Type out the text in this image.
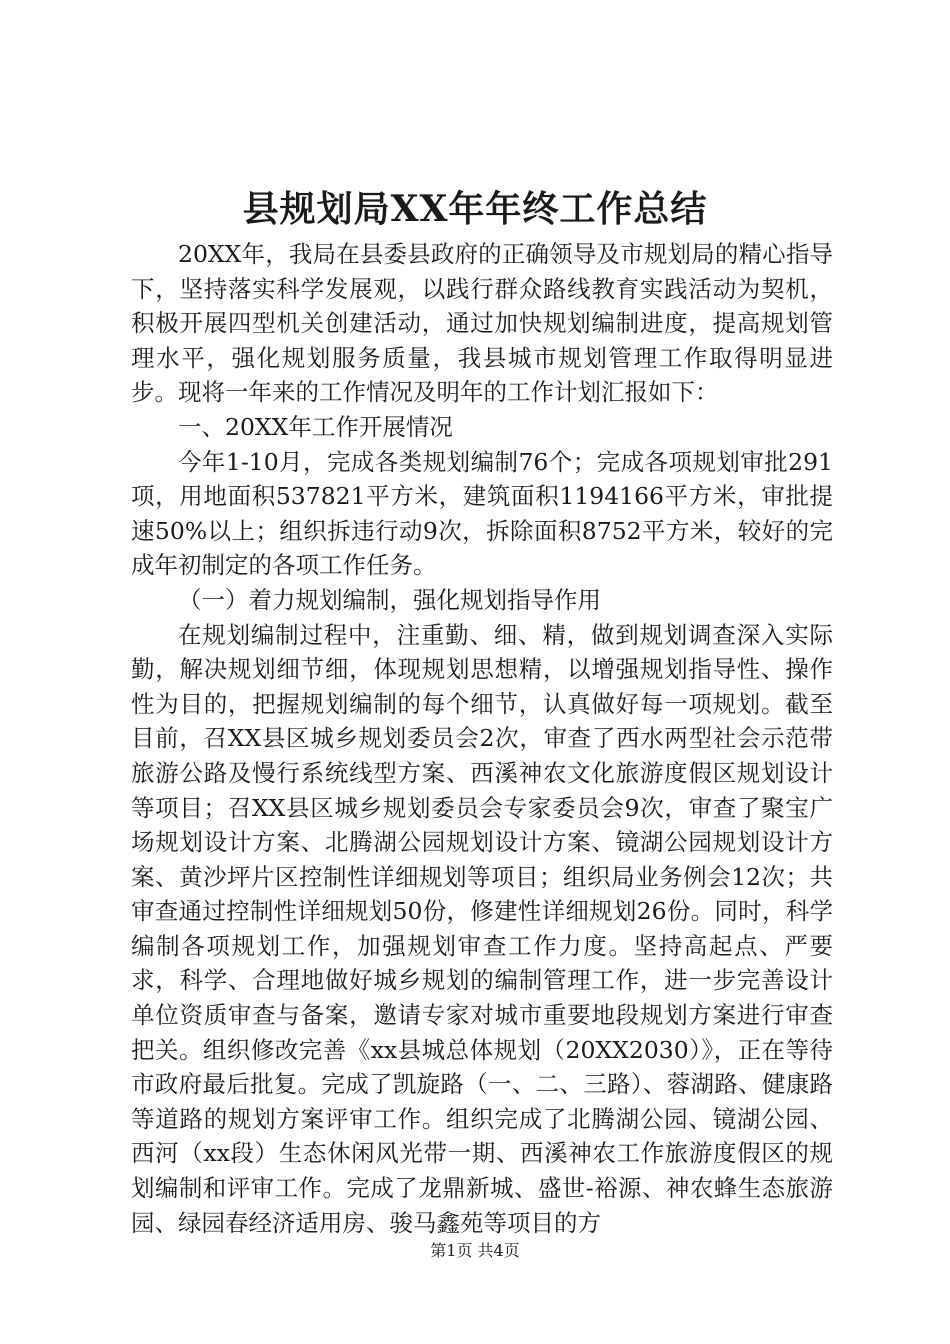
县规划局XX年年终工作总结

20XX年，我局在县委县政府的正确领导及市规划局的精心指导下，坚持落实科学发展观，以践行群众路线教育实践活动为契机，积极开展四型机关创建活动，通过加快规划编制进度，提高规划管理水平，强化规划服务质量，我县城市规划管理工作取得明显进步。现将一年来的工作情况及明年的工作计划汇报如下：

一、20XX年工作开展情况

今年1-10月，完成各类规划编制76个；完成各项规划审批291项，用地面积537821平方米，建筑面积1194166平方米，审批提速50%以上；组织拆违行动9次，拆除面积8752平方米，较好的完成年初制定的各项工作任务。

（一）着力规划编制，强化规划指导作用

在规划编制过程中，注重勤、细、精，做到规划调查深入实际勤，解决规划细节细，体现规划思想精，以增强规划指导性、操作性为目的，把握规划编制的每个细节，认真做好每一项规划。截至目前，召XX县区城乡规划委员会2次，审查了西水两型社会示范带旅游公路及慢行系统线型方案、西溪神农文化旅游度假区规划设计等项目；召XX县区城乡规划委员会专家委员会9次，审查了聚宝广场规划设计方案、北腾湖公园规划设计方案、镜湖公园规划设计方案、黄沙坪片区控制性详细规划等项目；组织局业务例会12次；共审查通过控制性详细规划50份，修建性详细规划26份。同时，科学编制各项规划工作，加强规划审查工作力度。坚持高起点、严要求，科学、合理地做好城乡规划的编制管理工作，进一步完善设计单位资质审查与备案，邀请专家对城市重要地段规划方案进行审查把关。组织修改完善《xx县城总体规划（20XX2030）》，正在等待市政府最后批复。完成了凯旋路（一、二、三路）、蓉湖路、健康路等道路的规划方案评审工作。组织完成了北腾湖公园、镜湖公园、西河（xx段）生态休闲风光带一期、西溪神农工作旅游度假区的规划编制和评审工作。完成了龙鼎新城、盛世-裕源、神农蜂生态旅游园、绿园春经济适用房、骏马鑫苑等项目的方

第1页 共4页
